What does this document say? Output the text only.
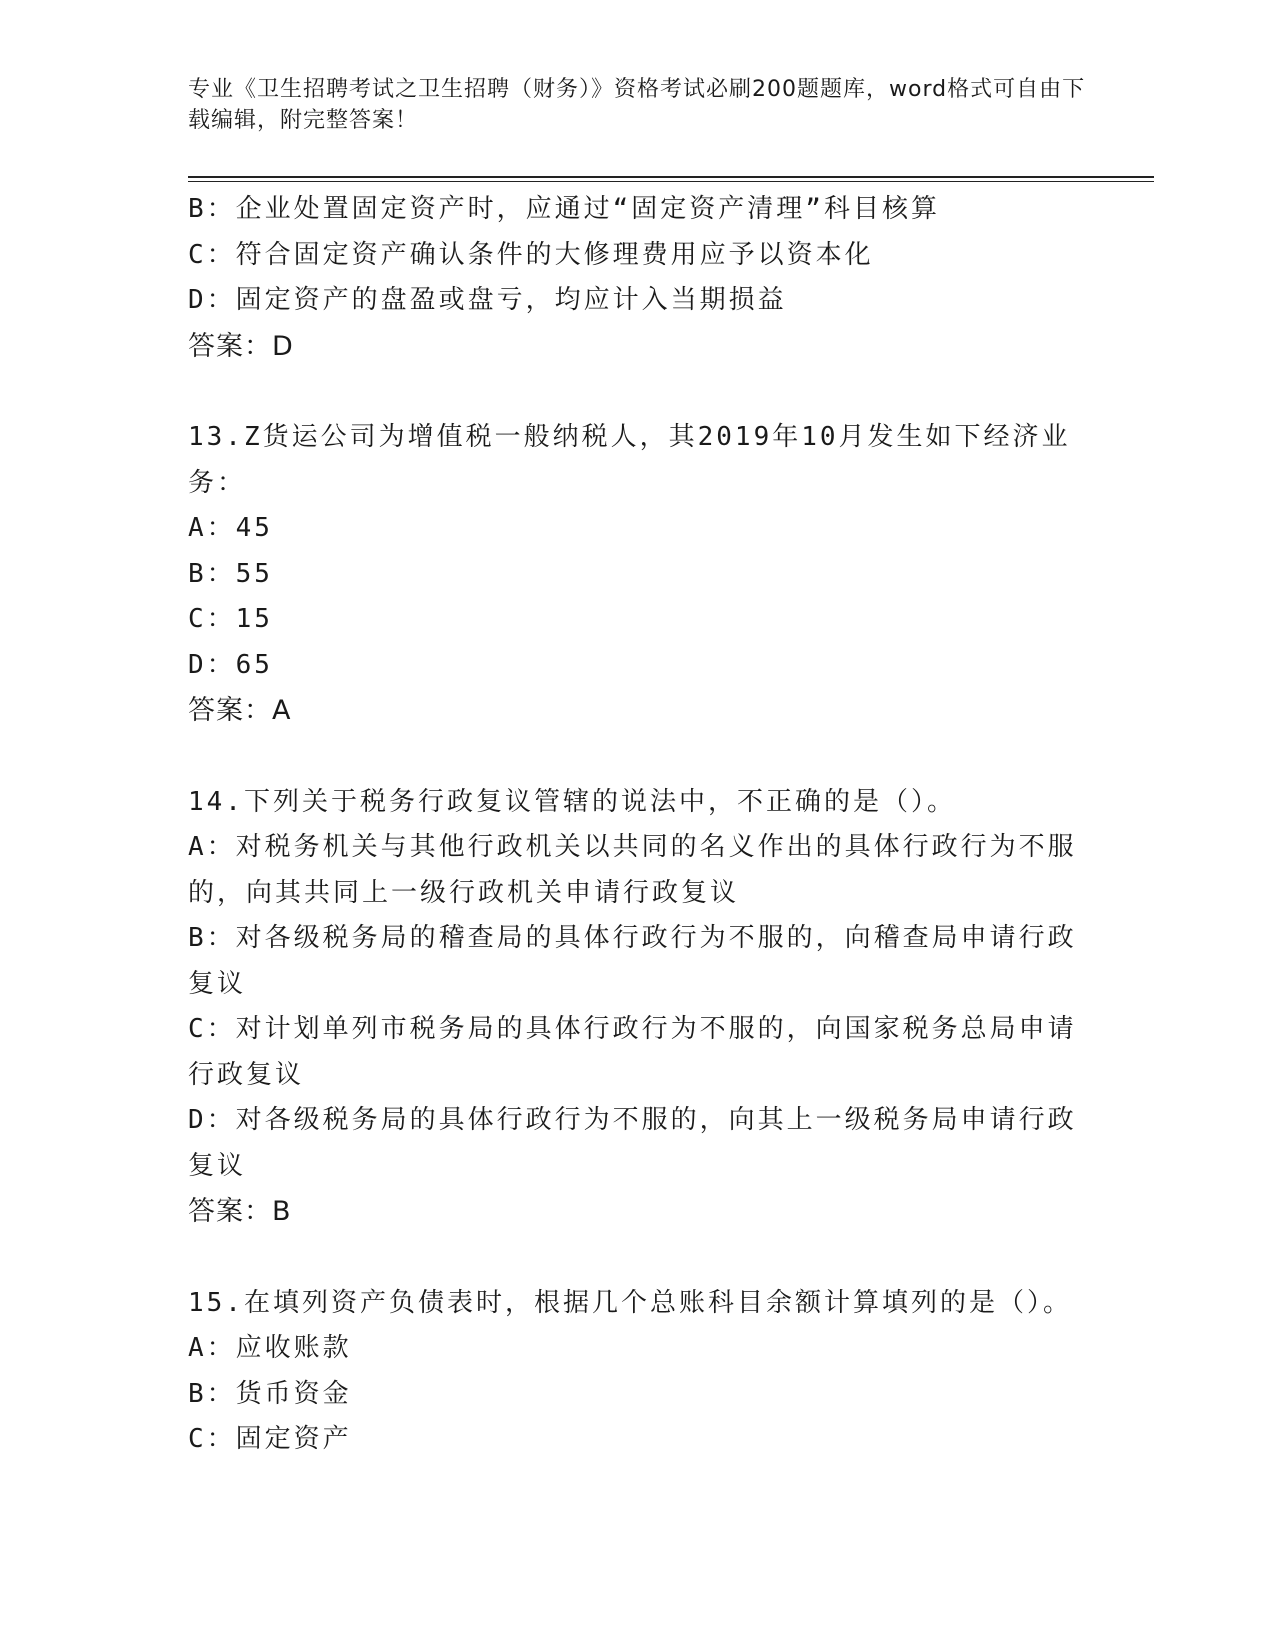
专业《卫生招聘考试之卫生招聘（财务）》资格考试必刷200题题库，word格式可自由下载编辑，附完整答案！
B：企业处置固定资产时，应通过“固定资产清理”科目核算
C：符合固定资产确认条件的大修理费用应予以资本化
D：固定资产的盘盈或盘亏，均应计入当期损益
答案：D
13.Z货运公司为增值税一般纳税人，其2019年10月发生如下经济业务：
A：45
B：55
C：15
D：65
答案：A
14.下列关于税务行政复议管辖的说法中，不正确的是（）。
A：对税务机关与其他行政机关以共同的名义作出的具体行政行为不服的，向其共同上一级行政机关申请行政复议
B：对各级税务局的稽查局的具体行政行为不服的，向稽查局申请行政复议
C：对计划单列市税务局的具体行政行为不服的，向国家税务总局申请行政复议
D：对各级税务局的具体行政行为不服的，向其上一级税务局申请行政复议
答案：B
15.在填列资产负债表时，根据几个总账科目余额计算填列的是（）。
A：应收账款
B：货币资金
C：固定资产
